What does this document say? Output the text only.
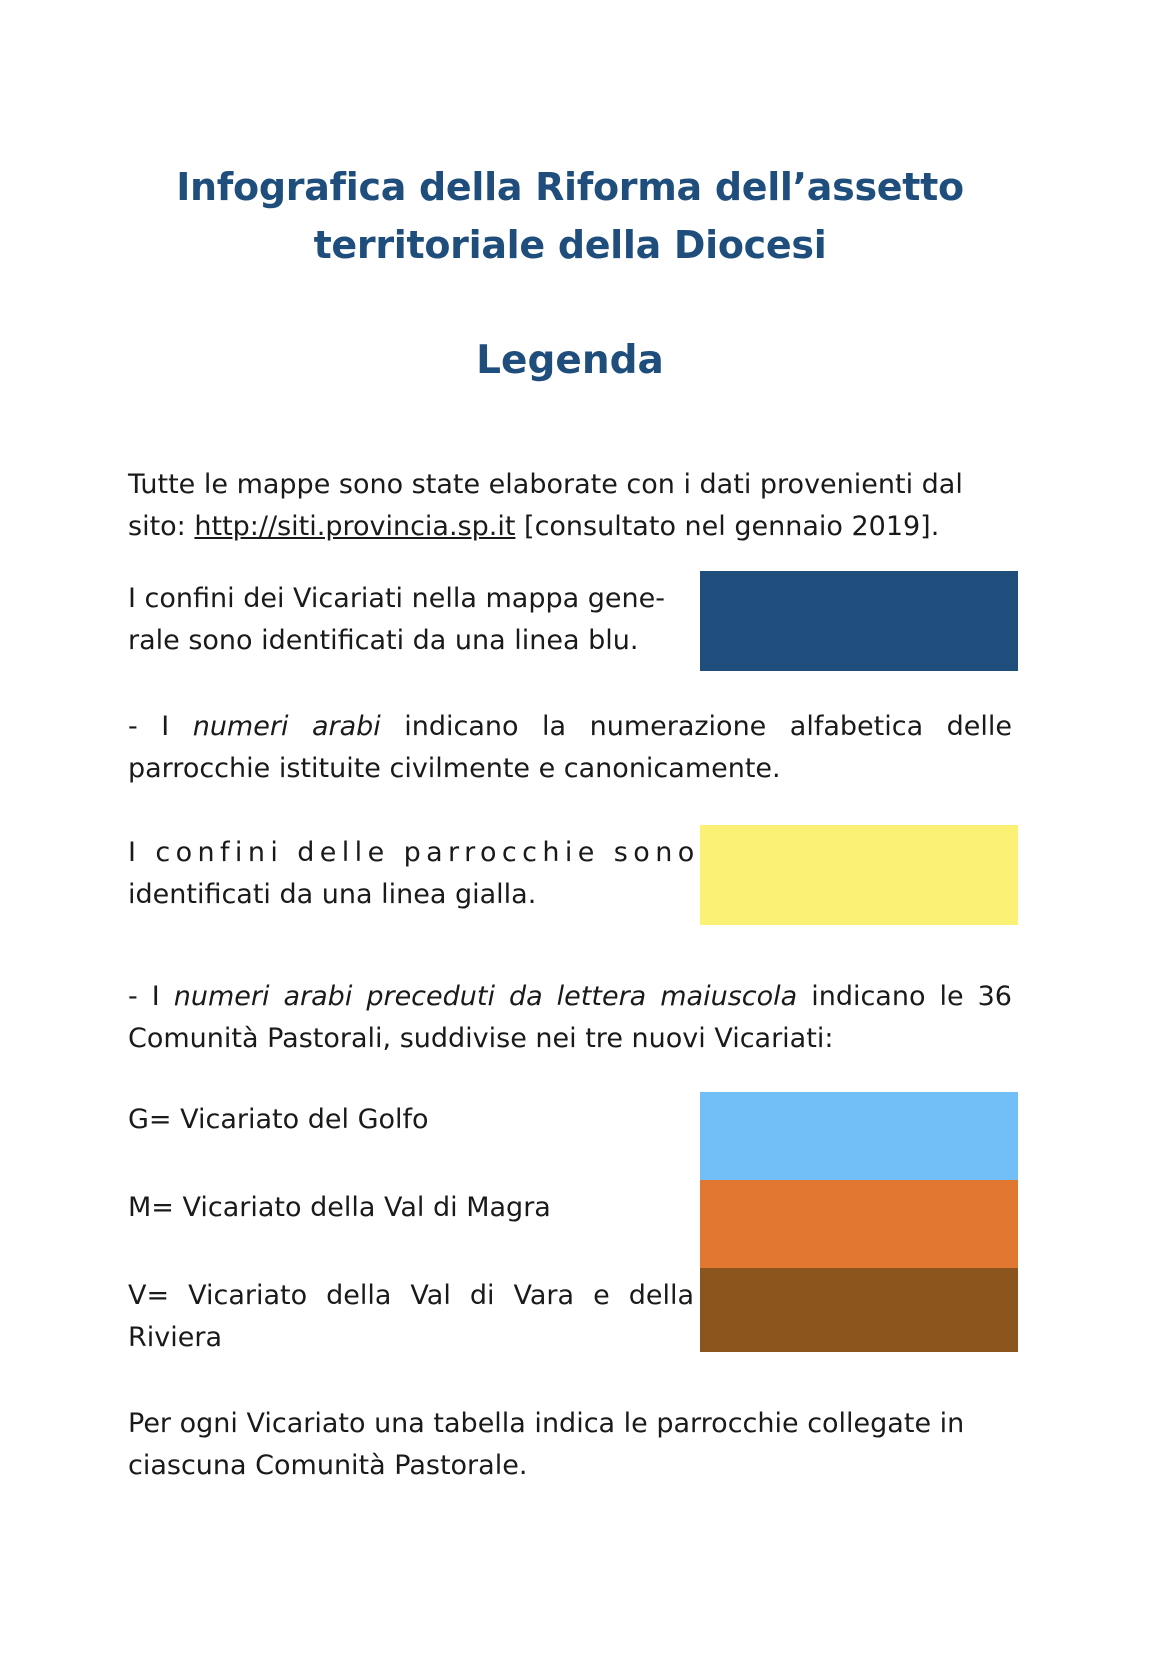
Infografica della Riforma dell’assetto
territoriale della Diocesi
Legenda
Tutte le mappe sono state elaborate con i dati provenienti dal
sito: http://siti.provincia.sp.it [consultato nel gennaio 2019].
I confini dei Vicariati nella mappa gene-
rale sono identificati da una linea blu.
- I numeri arabi indicano la numerazione alfabetica delle
parrocchie istituite civilmente e canonicamente.
I confini delle parrocchie sono
identificati da una linea gialla.
- I numeri arabi preceduti da lettera maiuscola indicano le 36
Comunità Pastorali, suddivise nei tre nuovi Vicariati:
G= Vicariato del Golfo
M= Vicariato della Val di Magra
V= Vicariato della Val di Vara e della
Riviera
Per ogni Vicariato una tabella indica le parrocchie collegate in
ciascuna Comunità Pastorale.
